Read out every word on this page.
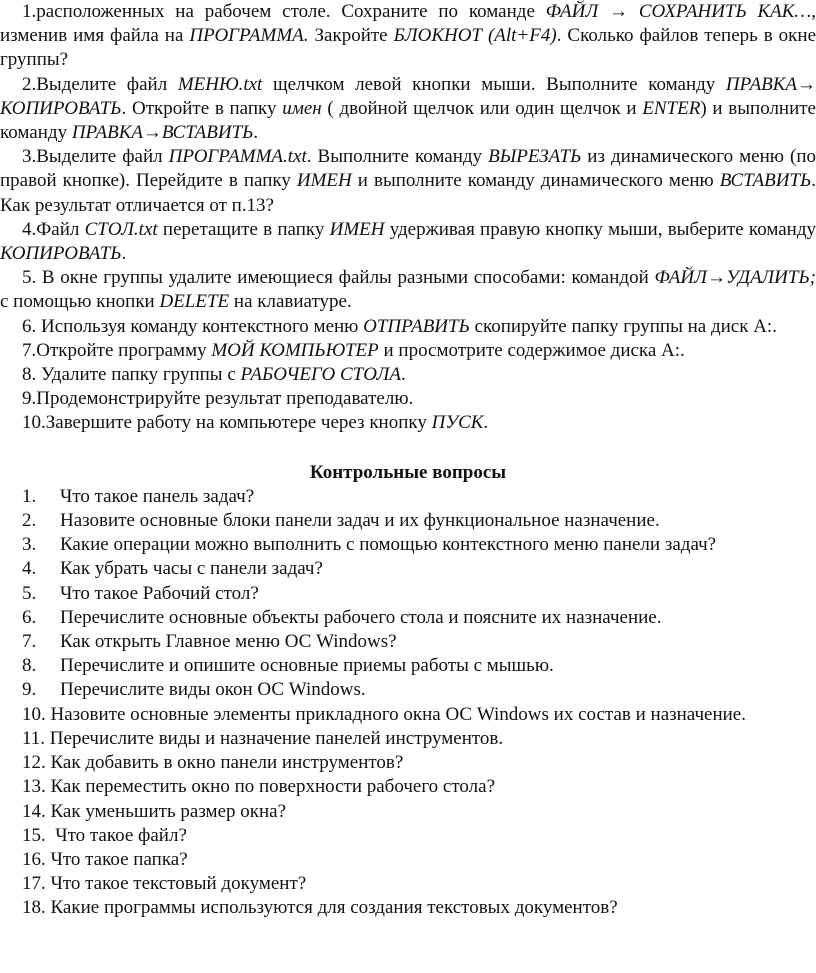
1.расположенных на рабочем столе. Сохраните по команде ФАЙЛ → СОХРАНИТЬ КАК…, изменив имя файла на ПРОГРАММА. Закройте БЛОКНОТ (Alt+F4). Сколько файлов теперь в окне группы?

2.Выделите файл МЕНЮ.txt щелчком левой кнопки мыши. Выполните команду ПРАВКА→ КОПИРОВАТЬ. Откройте в папку имен ( двойной щелчок или один щелчок и ENTER) и выполните команду ПРАВКА→ВСТАВИТЬ.

3.Выделите файл ПРОГРАММА.txt. Выполните команду ВЫРЕЗАТЬ из динамического меню (по правой кнопке). Перейдите в папку ИМЕН и выполните команду динамического меню ВСТАВИТЬ. Как результат отличается от п.13?

4.Файл СТОЛ.txt перетащите в папку ИМЕН удерживая правую кнопку мыши, выберите команду КОПИРОВАТЬ.

5. В окне группы удалите имеющиеся файлы разными способами: командой ФАЙЛ→УДАЛИТЬ; с помощью кнопки DELETE на клавиатуре.

6. Используя команду контекстного меню ОТПРАВИТЬ скопируйте папку группы на диск А:.

7.Откройте программу МОЙ КОМПЬЮТЕР и просмотрите содержимое диска А:.

8. Удалите папку группы с РАБОЧЕГО СТОЛА.

9.Продемонстрируйте результат преподавателю.

10.Завершите работу на компьютере через кнопку ПУСК.

Контрольные вопросы
1.	Что такое панель задач?
2.	Назовите основные блоки панели задач и их функциональное назначение.
3.	Какие операции можно выполнить с помощью контекстного меню панели задач?
4.	Как убрать часы с панели задач?
5.	Что такое Рабочий стол?
6.	Перечислите основные объекты рабочего стола и поясните их назначение.
7.	Как открыть Главное меню ОС Windows?
8.	Перечислите и опишите основные приемы работы с мышью.
9.	Перечислите виды окон ОС Windows.
10. Назовите основные элементы прикладного окна ОС Windows их состав и назначение.
11. Перечислите виды и назначение панелей инструментов.
12. Как добавить в окно панели инструментов?
13. Как переместить окно по поверхности рабочего стола?
14. Как уменьшить размер окна?
15.  Что такое файл?
16. Что такое папка?
17. Что такое текстовый документ?
18. Какие программы используются для создания текстовых документов?
